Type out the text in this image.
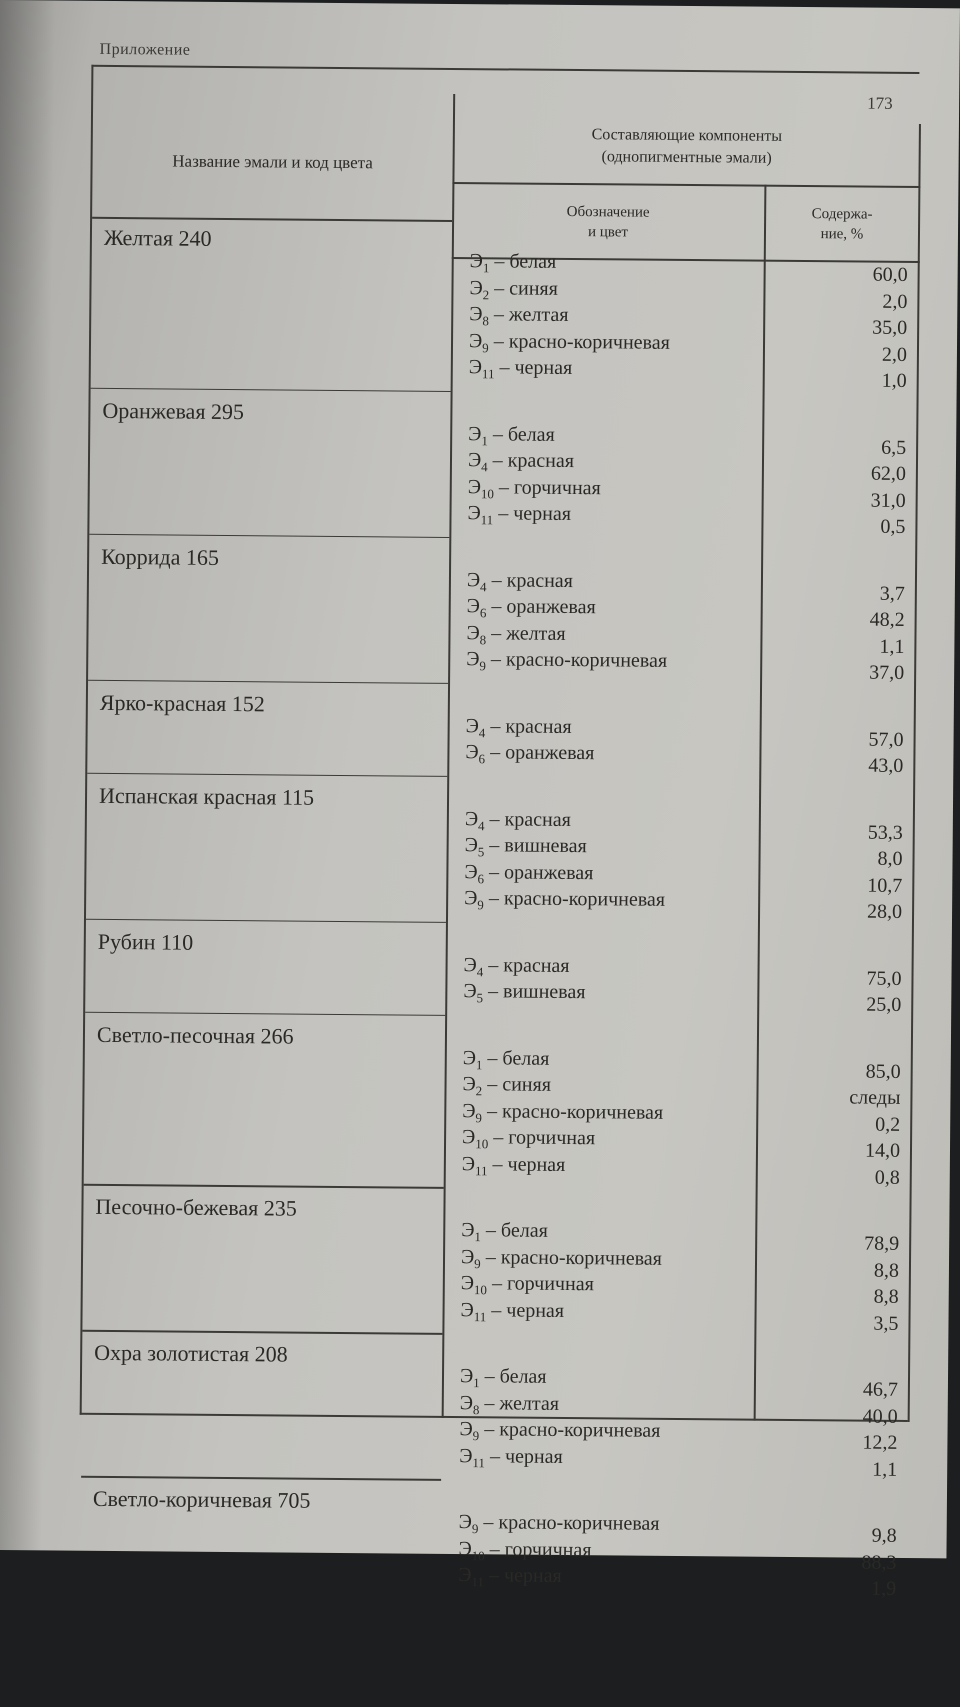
Приложение
173
Название эмали и код цвета
Составляющие компоненты
(однопигментные эмали)
Обозначение
и цвет
Содержа-
ние, %
Желтая 240
$Э_1$ – белая
60,0
$Э_2$ – синяя
2,0
$Э_8$ – желтая
35,0
$Э_9$ – красно-коричневая
2,0
$Э_{11}$ – черная
1,0
Оранжевая 295
$Э_1$ – белая
6,5
$Э_4$ – красная
62,0
$Э_{10}$ – горчичная
31,0
$Э_{11}$ – черная
0,5
Коррида 165
$Э_4$ – красная
3,7
$Э_6$ – оранжевая
48,2
$Э_8$ – желтая
1,1
$Э_9$ – красно-коричневая
37,0
Ярко-красная 152
$Э_4$ – красная
57,0
$Э_6$ – оранжевая
43,0
Испанская красная 115
$Э_4$ – красная
53,3
$Э_5$ – вишневая
8,0
$Э_6$ – оранжевая
10,7
$Э_9$ – красно-коричневая
28,0
Рубин 110
$Э_4$ – красная
75,0
$Э_5$ – вишневая
25,0
Светло-песочная 266
$Э_1$ – белая
85,0
$Э_2$ – синяя
следы
$Э_9$ – красно-коричневая
0,2
$Э_{10}$ – горчичная
14,0
$Э_{11}$ – черная
0,8
Песочно-бежевая 235
$Э_1$ – белая
78,9
$Э_9$ – красно-коричневая
8,8
$Э_{10}$ – горчичная
8,8
$Э_{11}$ – черная
3,5
Охра золотистая 208
$Э_1$ – белая
46,7
$Э_8$ – желтая
40,0
$Э_9$ – красно-коричневая
12,2
$Э_{11}$ – черная
1,1
Светло-коричневая 705
$Э_9$ – красно-коричневая
9,8
$Э_{10}$ – горчичная
88,3
$Э_{11}$ – черная
1,9
